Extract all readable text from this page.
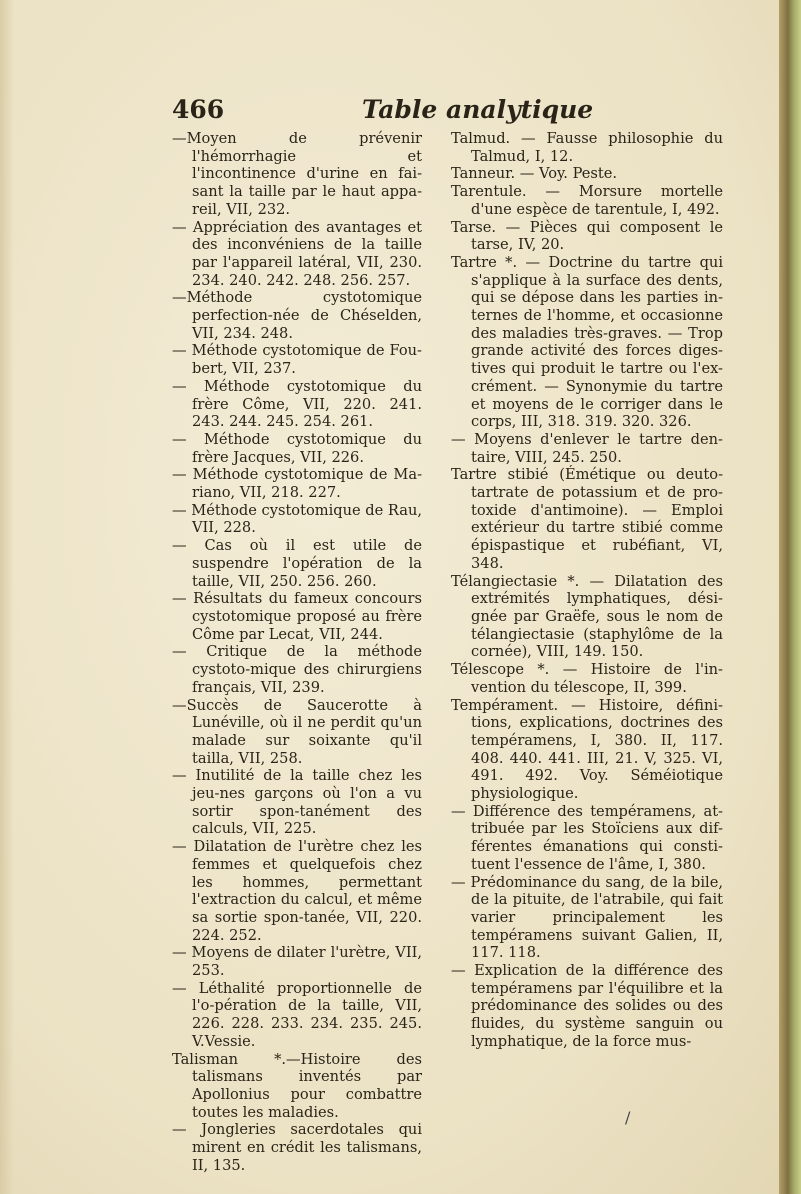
466	Table analytique

—Moyen de prévenir l'hémorrhagie et l'incontinence d'urine en fai-sant la taille par le haut appa-reil, VII, 232.

— Appréciation des avantages et des inconvéniens de la taille par l'appareil latéral, VII, 230. 234. 240. 242. 248. 256. 257.

—Méthode cystotomique perfection-née de Chéselden, VII, 234. 248.

— Méthode cystotomique de Fou-bert, VII, 237.

— Méthode cystotomique du frère Côme, VII, 220. 241. 243. 244. 245. 254. 261.

— Méthode cystotomique du frère Jacques, VII, 226.

— Méthode cystotomique de Ma-riano, VII, 218. 227.

— Méthode cystotomique de Rau, VII, 228.

— Cas où il est utile de suspendre l'opération de la taille, VII, 250. 256. 260.

— Résultats du fameux concours cystotomique proposé au frère Côme par Lecat, VII, 244.

— Critique de la méthode cystoto-mique des chirurgiens français, VII, 239.

—Succès de Saucerotte à Lunéville, où il ne perdit qu'un malade sur soixante qu'il tailla, VII, 258.

— Inutilité de la taille chez les jeu-nes garçons où l'on a vu sortir spon-tanément des calculs, VII, 225.

— Dilatation de l'urètre chez les femmes et quelquefois chez les hommes, permettant l'extraction du calcul, et même sa sortie spon-tanée, VII, 220. 224. 252.

— Moyens de dilater l'urètre, VII, 253.

— Léthalité proportionnelle de l'o-pération de la taille, VII, 226. 228. 233. 234. 235. 245. V.Vessie.

Talisman *.—Histoire des talismans inventés par Apollonius pour combattre toutes les maladies.

— Jongleries sacerdotales qui mirent en crédit les talismans, II, 135.

Talmud. — Fausse philosophie du Talmud, I, 12.

Tanneur. — Voy. Peste.

Tarentule. — Morsure mortelle d'une espèce de tarentule, I, 492.

Tarse. — Pièces qui composent le tarse, IV, 20.

Tartre *. — Doctrine du tartre qui s'applique à la surface des dents, qui se dépose dans les parties in-ternes de l'homme, et occasionne des maladies très-graves. — Trop grande activité des forces diges-tives qui produit le tartre ou l'ex-crément. — Synonymie du tartre et moyens de le corriger dans le corps, III, 318. 319. 320. 326.

— Moyens d'enlever le tartre den-taire, VIII, 245. 250.

Tartre stibié (Émétique ou deuto-tartrate de potassium et de pro-toxide d'antimoine). — Emploi extérieur du tartre stibié comme épispastique et rubéfiant, VI, 348.

Télangiectasie *. — Dilatation des extrémités lymphatiques, dési-gnée par Graëfe, sous le nom de télangiectasie (staphylôme de la cornée), VIII, 149. 150.

Télescope *. — Histoire de l'in-vention du télescope, II, 399.

Tempérament. — Histoire, défini-tions, explications, doctrines des tempéramens, I, 380. II, 117. 408. 440. 441. III, 21. V, 325. VI, 491. 492. Voy. Séméiotique physiologique.

— Différence des tempéramens, at-tribuée par les Stoïciens aux dif-férentes émanations qui consti-tuent l'essence de l'âme, I, 380.

— Prédominance du sang, de la bile, de la pituite, de l'atrabile, qui fait varier principalement les tempéramens suivant Galien, II, 117. 118.

— Explication de la différence des tempéramens par l'équilibre et la prédominance des solides ou des fluides, du système sanguin ou lymphatique, de la force mus-

/
